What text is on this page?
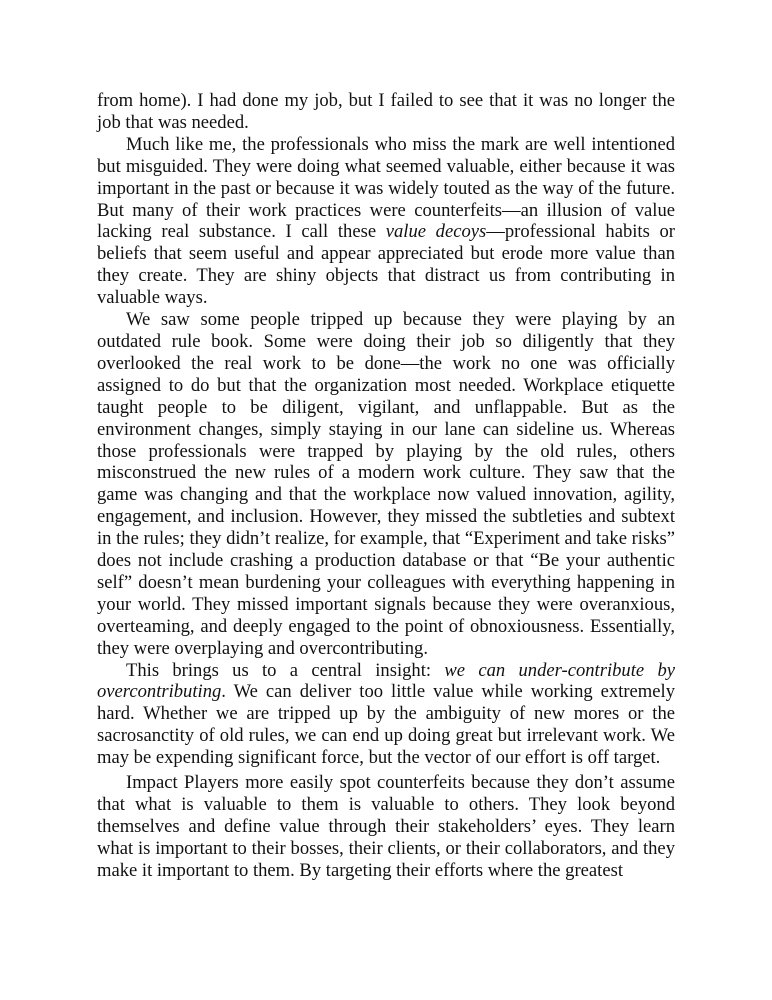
from home). I had done my job, but I failed to see that it was no longer the job that was needed.

Much like me, the professionals who miss the mark are well intentioned but misguided. They were doing what seemed valuable, either because it was important in the past or because it was widely touted as the way of the future. But many of their work practices were counterfeits—an illusion of value lacking real substance. I call these value decoys—professional habits or beliefs that seem useful and appear appreciated but erode more value than they create. They are shiny objects that distract us from contributing in valuable ways.

We saw some people tripped up because they were playing by an outdated rule book. Some were doing their job so diligently that they overlooked the real work to be done—the work no one was officially assigned to do but that the organization most needed. Workplace etiquette taught people to be diligent, vigilant, and unflappable. But as the environment changes, simply staying in our lane can sideline us. Whereas those professionals were trapped by playing by the old rules, others misconstrued the new rules of a modern work culture. They saw that the game was changing and that the workplace now valued innovation, agility, engagement, and inclusion. However, they missed the subtleties and subtext in the rules; they didn’t realize, for example, that “Experiment and take risks” does not include crashing a production database or that “Be your authentic self” doesn’t mean burdening your colleagues with everything happening in your world. They missed important signals because they were overanxious, overteaming, and deeply engaged to the point of obnoxiousness. Essentially, they were overplaying and overcontributing.

This brings us to a central insight: we can under-contribute by overcontributing. We can deliver too little value while working extremely hard. Whether we are tripped up by the ambiguity of new mores or the sacrosanctity of old rules, we can end up doing great but irrelevant work. We may be expending significant force, but the vector of our effort is off target.

Impact Players more easily spot counterfeits because they don’t assume that what is valuable to them is valuable to others. They look beyond themselves and define value through their stakeholders’ eyes. They learn what is important to their bosses, their clients, or their collaborators, and they make it important to them. By targeting their efforts where the greatest
